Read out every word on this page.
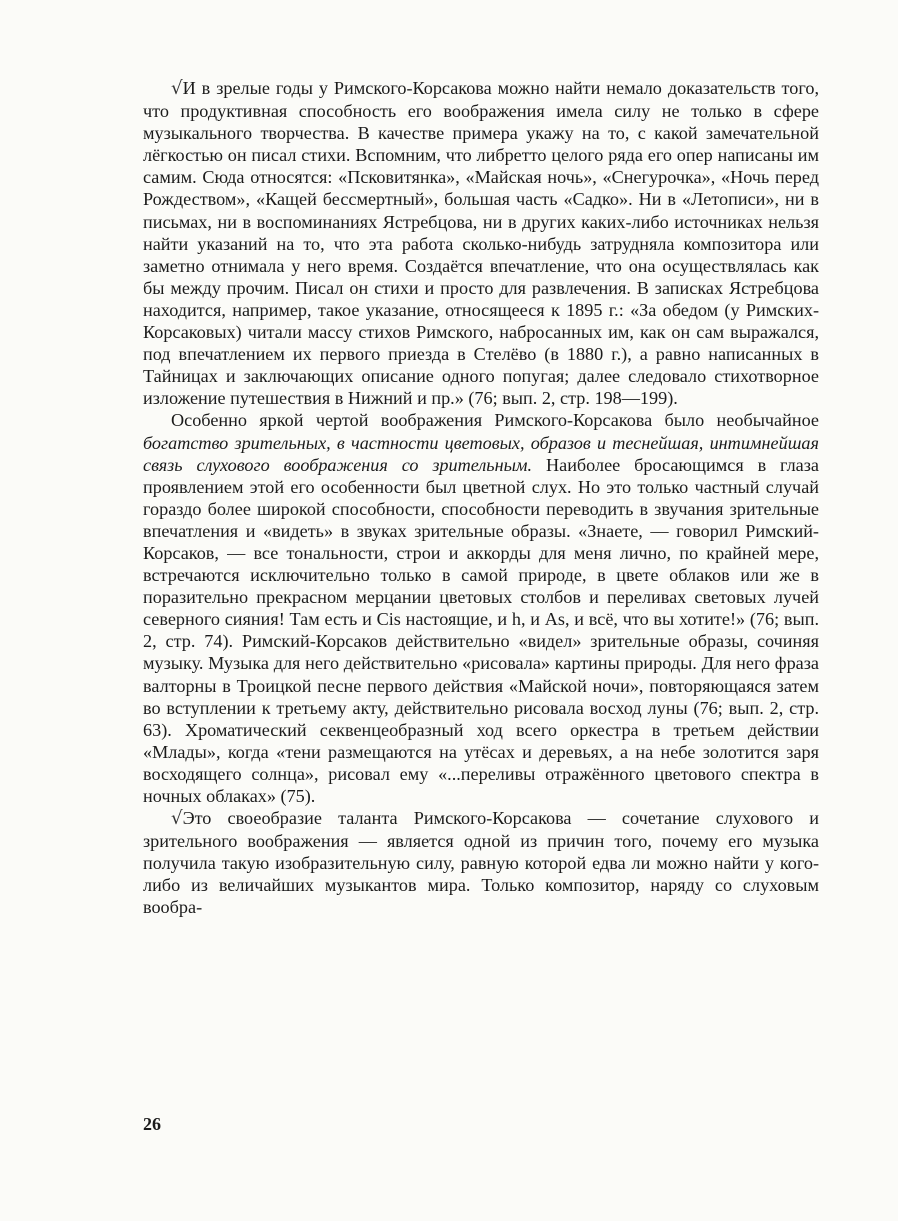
√И в зрелые годы у Римского-Корсакова можно найти немало доказательств того, что продуктивная способность его воображения имела силу не только в сфере музыкального творчества. В качестве примера укажу на то, с какой замечательной лёгкостью он писал стихи. Вспомним, что либретто целого ряда его опер написаны им самим. Сюда относятся: «Псковитянка», «Майская ночь», «Снегурочка», «Ночь перед Рождеством», «Кащей бессмертный», большая часть «Садко». Ни в «Летописи», ни в письмах, ни в воспоминаниях Ястребцова, ни в других каких-либо источниках нельзя найти указаний на то, что эта работа сколько-нибудь затрудняла композитора или заметно отнимала у него время. Создаётся впечатление, что она осуществлялась как бы между прочим. Писал он стихи и просто для развлечения. В записках Ястребцова находится, например, такое указание, относящееся к 1895 г.: «За обедом (у Римских-Корсаковых) читали массу стихов Римского, набросанных им, как он сам выражался, под впечатлением их первого приезда в Стелёво (в 1880 г.), а равно написанных в Тайницах и заключающих описание одного попугая; далее следовало стихотворное изложение путешествия в Нижний и пр.» (76; вып. 2, стр. 198—199).

Особенно яркой чертой воображения Римского-Корсакова было необычайное богатство зрительных, в частности цветовых, образов и теснейшая, интимнейшая связь слухового воображения со зрительным. Наиболее бросающимся в глаза проявлением этой его особенности был цветной слух. Но это только частный случай гораздо более широкой способности, способности переводить в звучания зрительные впечатления и «видеть» в звуках зрительные образы. «Знаете, — говорил Римский-Корсаков, — все тональности, строи и аккорды для меня лично, по крайней мере, встречаются исключительно только в самой природе, в цвете облаков или же в поразительно прекрасном мерцании цветовых столбов и переливах световых лучей северного сияния! Там есть и Cis настоящие, и h, и As, и всё, что вы хотите!» (76; вып. 2, стр. 74). Римский-Корсаков действительно «видел» зрительные образы, сочиняя музыку. Музыка для него действительно «рисовала» картины природы. Для него фраза валторны в Троицкой песне первого действия «Майской ночи», повторяющаяся затем во вступлении к третьему акту, действительно рисовала восход луны (76; вып. 2, стр. 63). Хроматический секвенцеобразный ход всего оркестра в третьем действии «Млады», когда «тени размещаются на утёсах и деревьях, а на небе золотится заря восходящего солнца», рисовал ему «...переливы отражённого цветового спектра в ночных облаках» (75).

√Это своеобразие таланта Римского-Корсакова — сочетание слухового и зрительного воображения — является одной из причин того, почему его музыка получила такую изобразительную силу, равную которой едва ли можно найти у кого-либо из величайших музыкантов мира. Только композитор, наряду со слуховым вообра-

26
